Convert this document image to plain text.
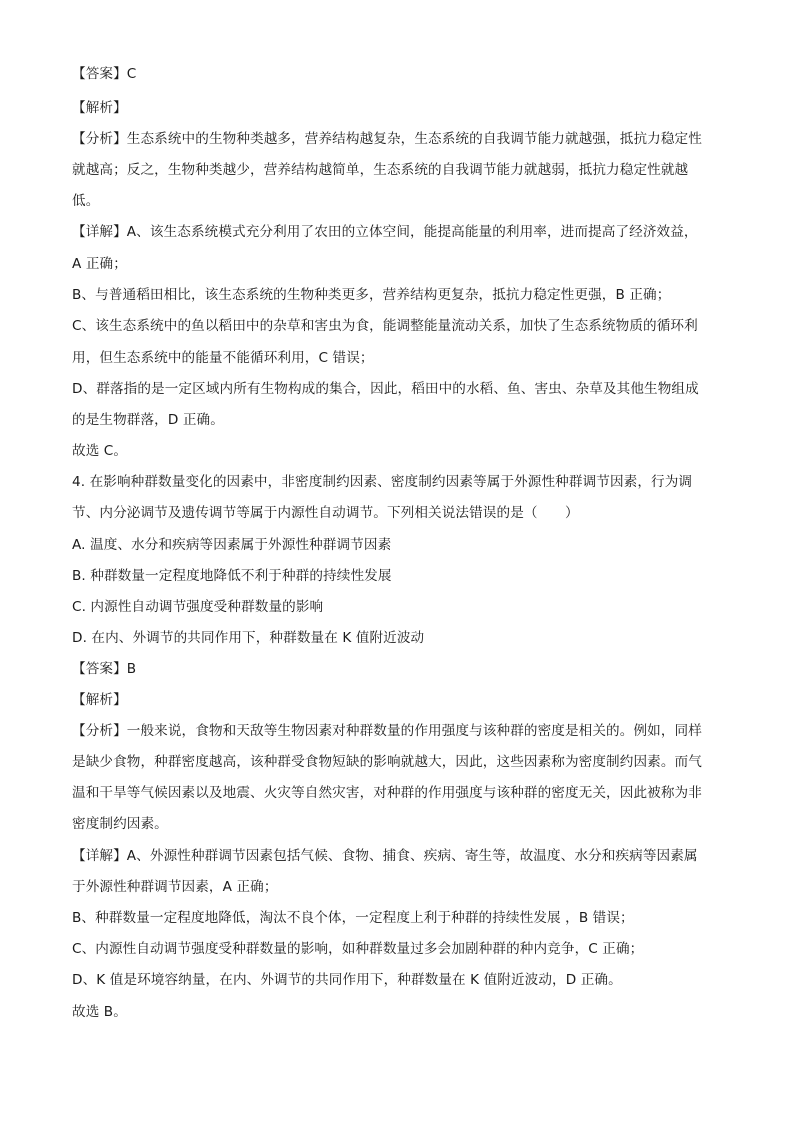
【答案】C
【解析】
【分析】生态系统中的生物种类越多，营养结构越复杂，生态系统的自我调节能力就越强，抵抗力稳定性
就越高；反之，生物种类越少，营养结构越简单，生态系统的自我调节能力就越弱，抵抗力稳定性就越
低。
【详解】A、该生态系统模式充分利用了农田的立体空间，能提高能量的利用率，进而提高了经济效益，
A 正确；
B、与普通稻田相比，该生态系统的生物种类更多，营养结构更复杂，抵抗力稳定性更强，B 正确；
C、该生态系统中的鱼以稻田中的杂草和害虫为食，能调整能量流动关系，加快了生态系统物质的循环利
用，但生态系统中的能量不能循环利用，C 错误；
D、群落指的是一定区域内所有生物构成的集合，因此，稻田中的水稻、鱼、害虫、杂草及其他生物组成
的是生物群落，D 正确。
故选 C。
4. 在影响种群数量变化的因素中，非密度制约因素、密度制约因素等属于外源性种群调节因素，行为调
节、内分泌调节及遗传调节等属于内源性自动调节。下列相关说法错误的是（　　）
A. 温度、水分和疾病等因素属于外源性种群调节因素
B. 种群数量一定程度地降低不利于种群的持续性发展
C. 内源性自动调节强度受种群数量的影响
D. 在内、外调节的共同作用下，种群数量在 K 值附近波动
【答案】B
【解析】
【分析】一般来说，食物和天敌等生物因素对种群数量的作用强度与该种群的密度是相关的。例如，同样
是缺少食物，种群密度越高，该种群受食物短缺的影响就越大，因此，这些因素称为密度制约因素。而气
温和干旱等气候因素以及地震、火灾等自然灾害，对种群的作用强度与该种群的密度无关，因此被称为非
密度制约因素。
【详解】A、外源性种群调节因素包括气候、食物、捕食、疾病、寄生等，故温度、水分和疾病等因素属
于外源性种群调节因素，A 正确；
B、种群数量一定程度地降低，淘汰不良个体，一定程度上利于种群的持续性发展 ，B 错误；
C、内源性自动调节强度受种群数量的影响，如种群数量过多会加剧种群的种内竞争，C 正确；
D、K 值是环境容纳量，在内、外调节的共同作用下，种群数量在 K 值附近波动，D 正确。
故选 B。
